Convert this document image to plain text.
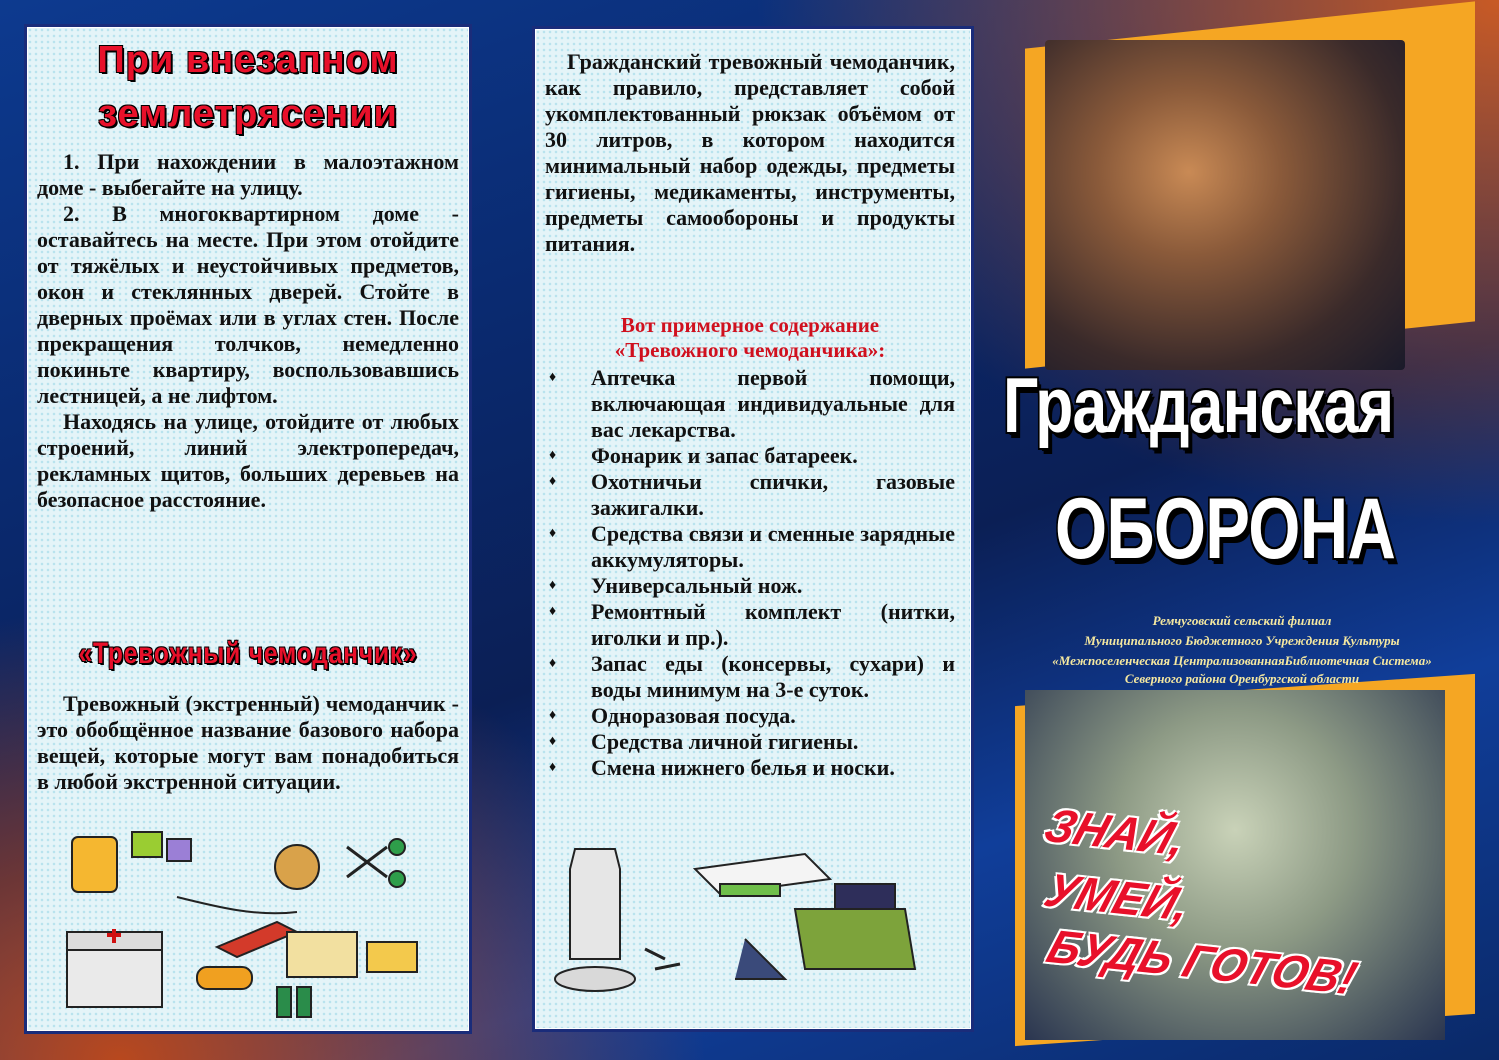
При внезапном

землетрясении

1. При нахождении в малоэтажном доме - выбегайте на улицу.

2. В многоквартирном доме - оставайтесь на месте. При этом отойдите от тяжёлых и неустойчивых предметов, окон и стеклянных дверей. Стойте в дверных проёмах или в углах стен. После прекращения толчков, немедленно покиньте квартиру, воспользовавшись лестницей, а не лифтом.

Находясь на улице, отойдите от любых строений, линий электропередач, рекламных щитов, больших деревьев на безопасное расстояние.

«Тревожный чемоданчик»

Тревожный (экстренный) чемоданчик - это обобщённое название базового набора вещей, которые могут вам понадобиться в любой экстренной ситуации.

Гражданский тревожный чемоданчик, как правило, представляет собой укомплектованный рюкзак объёмом от 30 литров, в котором находится минимальный набор одежды, предметы гигиены, медикаменты, инструменты, предметы самообороны и продукты питания.

Вот примерное содержание

«Тревожного чемоданчика»:

♦ Аптечка первой помощи, включающая индивидуальные для вас лекарства.
♦ Фонарик и запас батареек.
♦ Охотничьи спички, газовые зажигалки.
♦ Средства связи и сменные зарядные аккумуляторы.
♦ Универсальный нож.
♦ Ремонтный комплект (нитки, иголки и пр.).
♦ Запас еды (консервы, сухари) и воды минимум на 3-е суток.
♦ Одноразовая посуда.
♦ Средства личной гигиены.
♦ Смена нижнего белья и носки.
Гражданская
ОБОРОНА
Ремчуговский сельский филиал
Муниципального Бюджетного Учреждения Культуры
«Межпоселенческая ЦентрализованнаяБиблиотечная Система»
Северного района Оренбургской области
ЗНАЙ,
УМЕЙ,
БУДЬ ГОТОВ!
